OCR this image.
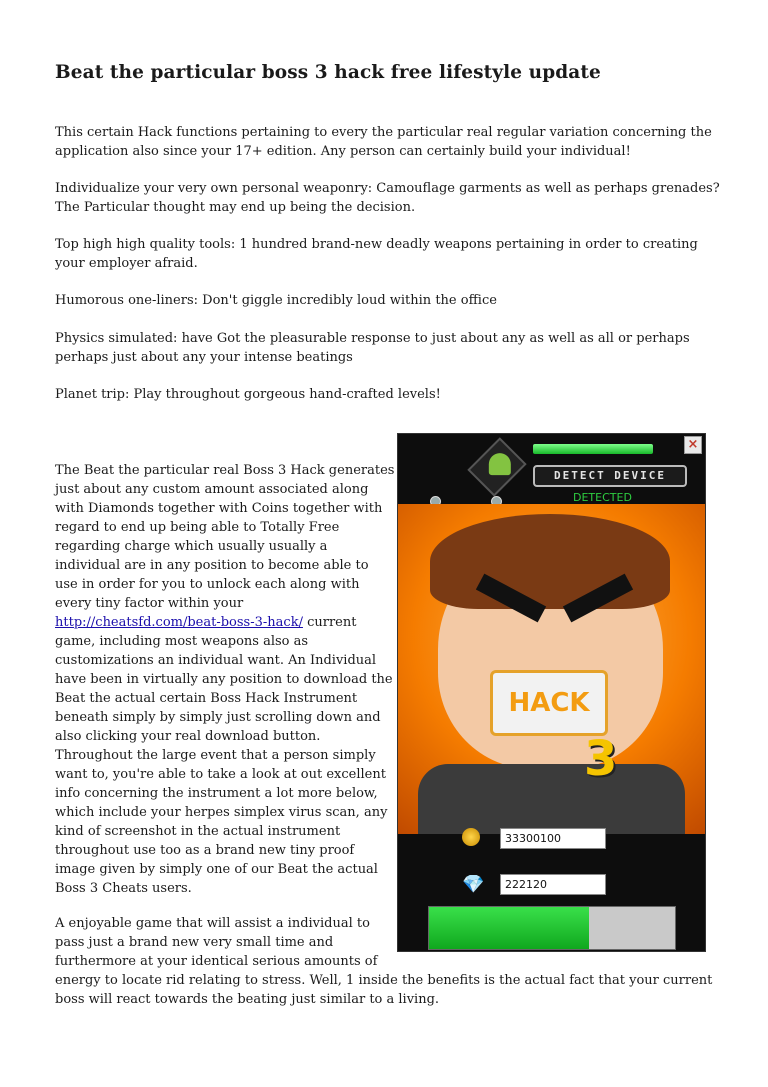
Beat the particular boss 3 hack free lifestyle update

This certain Hack functions pertaining to every the particular real regular variation concerning the application also since your 17+ edition. Any person can certainly build your individual!

Individualize your very own personal weaponry: Camouflage garments as well as perhaps grenades? The Particular thought may end up being the decision.

Top high high quality tools: 1 hundred brand-new deadly weapons pertaining in order to creating your employer afraid.

Humorous one-liners: Don't giggle incredibly loud within the office

Physics simulated: have Got the pleasurable response to just about any as well as all or perhaps perhaps just about any your intense beatings

Planet trip: Play throughout gorgeous hand-crafted levels!

The Beat the particular real Boss 3 Hack generates just about any custom amount associated along with Diamonds together with Coins together with regard to end up being able to Totally Free regarding charge which usually usually a individual are in any position to become able to use in order for you to unlock each along with every tiny factor within your http://cheatsfd.com/beat-boss-3-hack/ current game, including most weapons also as customizations an individual want. An Individual have been in virtually any position to download the Beat the actual certain Boss Hack Instrument beneath simply by simply just scrolling down and also clicking your real download button. Throughout the large event that a person simply want to, you're able to take a look at out excellent info concerning the instrument a lot more below, which include your herpes simplex virus scan, any kind of screenshot in the actual instrument throughout use too as a brand new tiny proof image given by simply one of our Beat the actual Boss 3 Cheats users.

A enjoyable game that will assist a individual to pass just a brand new very small time and furthermore at your identical serious amounts of
energy to locate rid relating to stress. Well, 1 inside the benefits is the actual fact that your current boss will react towards the beating just similar to a living.

×
DETECT DEVICE
DETECTED
HACK
3
33300100
💎	222120
